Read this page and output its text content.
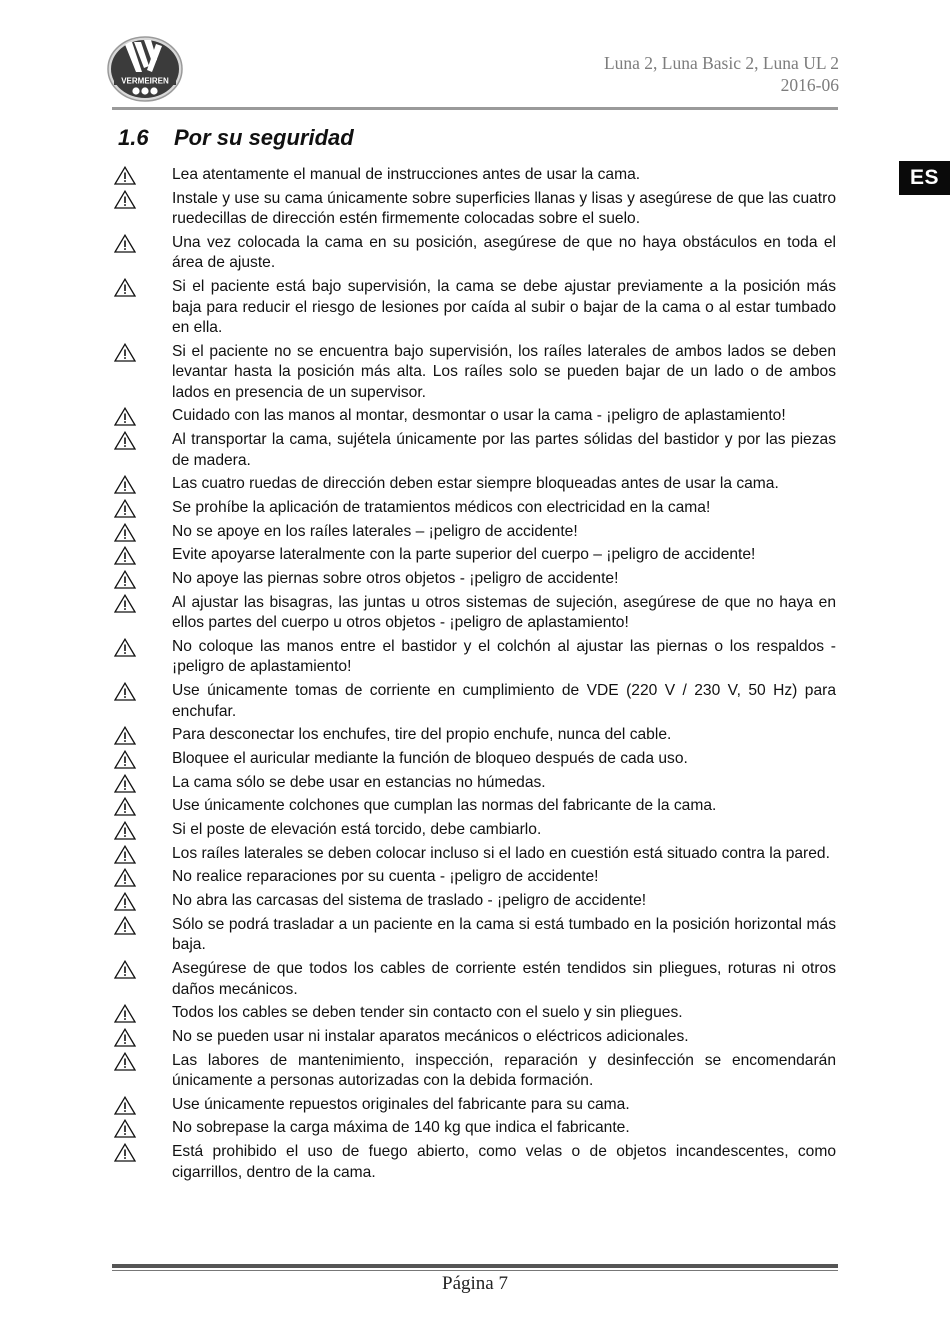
VERMEIREN
Luna 2, Luna Basic 2, Luna UL 2
2016-06
ES
1.6 Por su seguridad
Lea atentamente el manual de instrucciones antes de usar la cama.
Instale y use su cama únicamente sobre superficies llanas y lisas y asegúrese de que las cuatro ruedecillas de dirección estén firmemente colocadas sobre el suelo.
Una vez colocada la cama en su posición, asegúrese de que no haya obstáculos en toda el área de ajuste.
Si el paciente está bajo supervisión, la cama se debe ajustar previamente a la posición más baja para reducir el riesgo de lesiones por caída al subir o bajar de la cama o al estar tumbado en ella.
Si el paciente no se encuentra bajo supervisión, los raíles laterales de ambos lados se deben levantar hasta la posición más alta. Los raíles solo se pueden bajar de un lado o de ambos lados en presencia de un supervisor.
Cuidado con las manos al montar, desmontar o usar la cama - ¡peligro de aplastamiento!
Al transportar la cama, sujétela únicamente por las partes sólidas del bastidor y por las piezas de madera.
Las cuatro ruedas de dirección deben estar siempre bloqueadas antes de usar la cama.
Se prohíbe la aplicación de tratamientos médicos con electricidad en la cama!
No se apoye en los raíles laterales – ¡peligro de accidente!
Evite apoyarse lateralmente con la parte superior del cuerpo – ¡peligro de accidente!
No apoye las piernas sobre otros objetos - ¡peligro de accidente!
Al ajustar las bisagras, las juntas u otros sistemas de sujeción, asegúrese de que no haya en ellos partes del cuerpo u otros objetos - ¡peligro de aplastamiento!
No coloque las manos entre el bastidor y el colchón al ajustar las piernas o los respaldos - ¡peligro de aplastamiento!
Use únicamente tomas de corriente en cumplimiento de VDE (220 V / 230 V, 50 Hz) para enchufar.
Para desconectar los enchufes, tire del propio enchufe, nunca del cable.
Bloquee el auricular mediante la función de bloqueo después de cada uso.
La cama sólo se debe usar en estancias no húmedas.
Use únicamente colchones que cumplan las normas del fabricante de la cama.
Si el poste de elevación está torcido, debe cambiarlo.
Los raíles laterales se deben colocar incluso si el lado en cuestión está situado contra la pared.
No realice reparaciones por su cuenta - ¡peligro de accidente!
No abra las carcasas del sistema de traslado - ¡peligro de accidente!
Sólo se podrá trasladar a un paciente en la cama si está tumbado en la posición horizontal más baja.
Asegúrese de que todos los cables de corriente estén tendidos sin pliegues, roturas ni otros daños mecánicos.
Todos los cables se deben tender sin contacto con el suelo y sin pliegues.
No se pueden usar ni instalar aparatos mecánicos o eléctricos adicionales.
Las labores de mantenimiento, inspección, reparación y desinfección se encomendarán únicamente a personas autorizadas con la debida formación.
Use únicamente repuestos originales del fabricante para su cama.
No sobrepase la carga máxima de 140 kg que indica el fabricante.
Está prohibido el uso de fuego abierto, como velas o de objetos incandescentes, como cigarrillos, dentro de la cama.
Página 7
